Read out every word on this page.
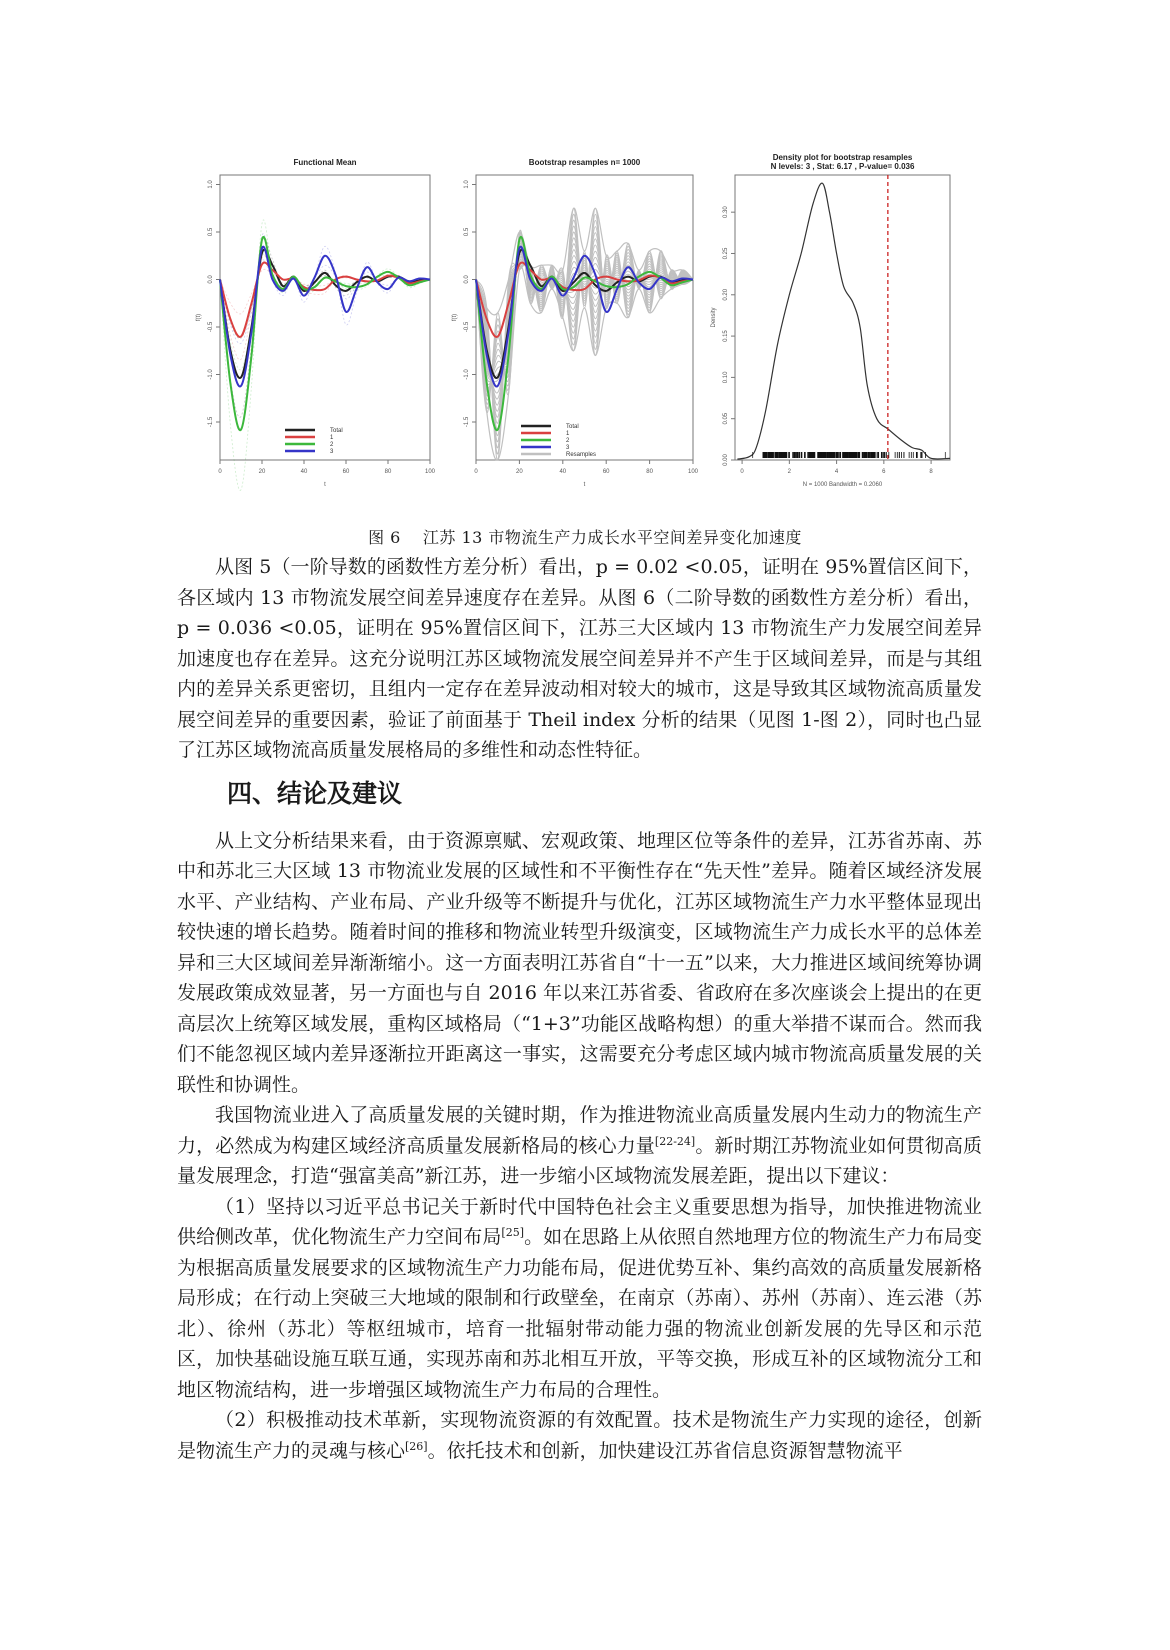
Functional Mean
1.0
0.5
0.0
-0.5
-1.0
-1.5
0	20	40	60	80	100
t
f(t)
Total
1
2
3
Bootstrap resamples n= 1000
1.0
0.5
0.0
-0.5
-1.0
-1.5
0	20	40	60	80	100
t
f(t)
Total
1
2
3
Resamples
Density plot for bootstrap resamples
N levels: 3 , Stat: 6.17 , P-value= 0.036
0.00
0.05
0.10
0.15
0.20
0.25
0.30
0	2	4	6	8
N = 1000 Bandwidth = 0.2060
Density
图 6 江苏 13 市物流生产力成长水平空间差异变化加速度

从图 5（一阶导数的函数性方差分析）看出，p = 0.02 <0.05，证明在 95%置信区间下，各区域内 13 市物流发展空间差异速度存在差异。从图 6（二阶导数的函数性方差分析）看出，p = 0.036 <0.05，证明在 95%置信区间下，江苏三大区域内 13 市物流生产力发展空间差异加速度也存在差异。这充分说明江苏区域物流发展空间差异并不产生于区域间差异，而是与其组内的差异关系更密切，且组内一定存在差异波动相对较大的城市，这是导致其区域物流高质量发展空间差异的重要因素，验证了前面基于 Theil index 分析的结果（见图 1-图 2），同时也凸显了江苏区域物流高质量发展格局的多维性和动态性特征。

四、结论及建议

从上文分析结果来看，由于资源禀赋、宏观政策、地理区位等条件的差异，江苏省苏南、苏中和苏北三大区域 13 市物流业发展的区域性和不平衡性存在“先天性”差异。随着区域经济发展水平、产业结构、产业布局、产业升级等不断提升与优化，江苏区域物流生产力水平整体显现出较快速的增长趋势。随着时间的推移和物流业转型升级演变，区域物流生产力成长水平的总体差异和三大区域间差异渐渐缩小。这一方面表明江苏省自“十一五”以来，大力推进区域间统筹协调发展政策成效显著，另一方面也与自 2016 年以来江苏省委、省政府在多次座谈会上提出的在更高层次上统筹区域发展，重构区域格局（“1+3”功能区战略构想）的重大举措不谋而合。然而我们不能忽视区域内差异逐渐拉开距离这一事实，这需要充分考虑区域内城市物流高质量发展的关联性和协调性。

我国物流业进入了高质量发展的关键时期，作为推进物流业高质量发展内生动力的物流生产力，必然成为构建区域经济高质量发展新格局的核心力量[22-24]。新时期江苏物流业如何贯彻高质量发展理念，打造“强富美高”新江苏，进一步缩小区域物流发展差距，提出以下建议：

（1）坚持以习近平总书记关于新时代中国特色社会主义重要思想为指导，加快推进物流业供给侧改革，优化物流生产力空间布局[25]。如在思路上从依照自然地理方位的物流生产力布局变为根据高质量发展要求的区域物流生产力功能布局，促进优势互补、集约高效的高质量发展新格局形成；在行动上突破三大地域的限制和行政壁垒，在南京（苏南）、苏州（苏南）、连云港（苏北）、徐州（苏北）等枢纽城市，培育一批辐射带动能力强的物流业创新发展的先导区和示范区，加快基础设施互联互通，实现苏南和苏北相互开放，平等交换，形成互补的区域物流分工和地区物流结构，进一步增强区域物流生产力布局的合理性。

（2）积极推动技术革新，实现物流资源的有效配置。技术是物流生产力实现的途径，创新是物流生产力的灵魂与核心[26]。依托技术和创新，加快建设江苏省信息资源智慧物流平
